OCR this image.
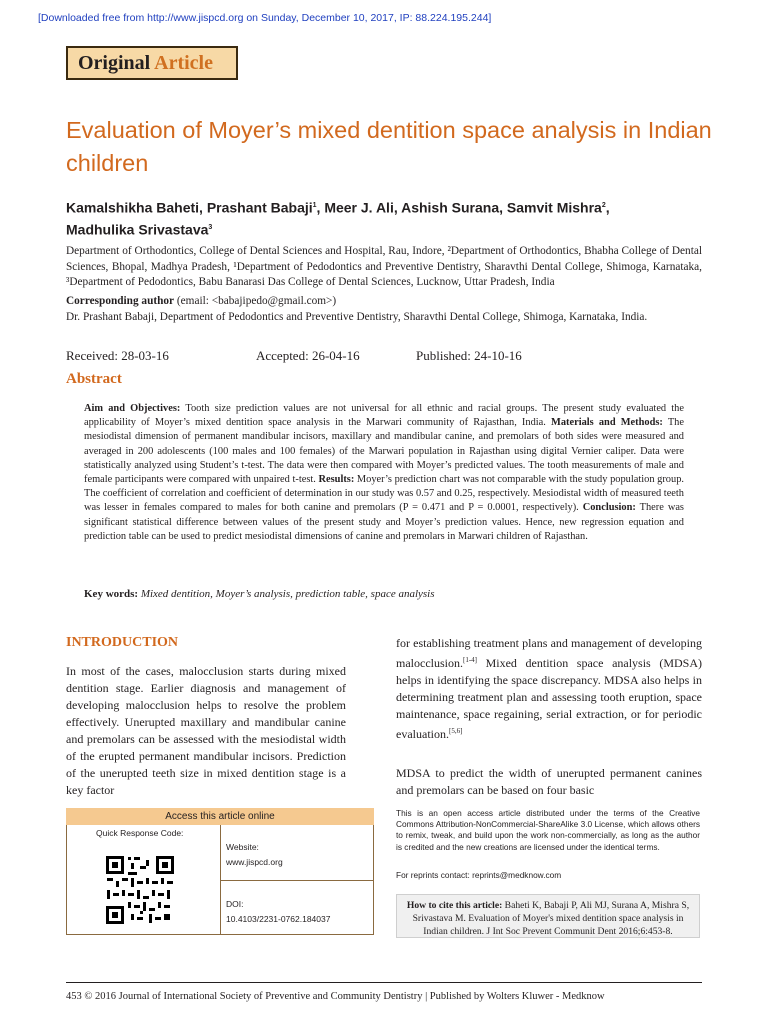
[Downloaded free from http://www.jispcd.org on Sunday, December 10, 2017, IP: 88.224.195.244]
Original Article
Evaluation of Moyer’s mixed dentition space analysis in Indian children
Kamalshikha Baheti, Prashant Babaji$^1$, Meer J. Ali, Ashish Surana, Samvit Mishra$^2$,
Madhulika Srivastava$^3$
Department of Orthodontics, College of Dental Sciences and Hospital, Rau, Indore, ²Department of Orthodontics, Bhabha College of Dental Sciences, Bhopal, Madhya Pradesh, ¹Department of Pedodontics and Preventive Dentistry, Sharavthi Dental College, Shimoga, Karnataka, ³Department of Pedodontics, Babu Banarasi Das College of Dental Sciences, Lucknow, Uttar Pradesh, India
Corresponding author (email: <babajipedo@gmail.com>)
Dr. Prashant Babaji, Department of Pedodontics and Preventive Dentistry, Sharavthi Dental College, Shimoga, Karnataka, India.
Received: 28-03-16	Accepted: 26-04-16	Published: 24-10-16
Abstract
Aim and Objectives: Tooth size prediction values are not universal for all ethnic and racial groups. The present study evaluated the applicability of Moyer’s mixed dentition space analysis in the Marwari community of Rajasthan, India. Materials and Methods: The mesiodistal dimension of permanent mandibular incisors, maxillary and mandibular canine, and premolars of both sides were measured and averaged in 200 adolescents (100 males and 100 females) of the Marwari population in Rajasthan using digital Vernier caliper. Data were statistically analyzed using Student’s t-test. The data were then compared with Moyer’s predicted values. The tooth measurements of male and female participants were compared with unpaired t-test. Results: Moyer’s prediction chart was not comparable with the study population group. The coefficient of correlation and coefficient of determination in our study was 0.57 and 0.25, respectively. Mesiodistal width of measured teeth was lesser in females compared to males for both canine and premolars (P = 0.471 and P = 0.0001, respectively). Conclusion: There was significant statistical difference between values of the present study and Moyer’s prediction values. Hence, new regression equation and prediction table can be used to predict mesiodistal dimensions of canine and premolars in Marwari children of Rajasthan.
Key words: Mixed dentition, Moyer’s analysis, prediction table, space analysis
INTRODUCTION
In most of the cases, malocclusion starts during mixed dentition stage. Earlier diagnosis and management of developing malocclusion helps to resolve the problem effectively. Unerupted maxillary and mandibular canine and premolars can be assessed with the mesiodistal width of the erupted permanent mandibular incisors. Prediction of the unerupted teeth size in mixed dentition stage is a key factor
for establishing treatment plans and management of developing malocclusion.[1-4] Mixed dentition space analysis (MDSA) helps in identifying the space discrepancy. MDSA also helps in determining treatment plan and assessing tooth eruption, space maintenance, space regaining, serial extraction, or for periodic evaluation.[5,6]
MDSA to predict the width of unerupted permanent canines and premolars can be based on four basic
Access this article online
Quick Response Code:
Website:
www.jispcd.org
DOI:
10.4103/2231-0762.184037
This is an open access article distributed under the terms of the Creative Commons Attribution-NonCommercial-ShareAlike 3.0 License, which allows others to remix, tweak, and build upon the work non-commercially, as long as the author is credited and the new creations are licensed under the identical terms.
For reprints contact: reprints@medknow.com
How to cite this article: Baheti K, Babaji P, Ali MJ, Surana A, Mishra S, Srivastava M. Evaluation of Moyer's mixed dentition space analysis in Indian children. J Int Soc Prevent Communit Dent 2016;6:453-8.
453 © 2016 Journal of International Society of Preventive and Community Dentistry | Published by Wolters Kluwer - Medknow
